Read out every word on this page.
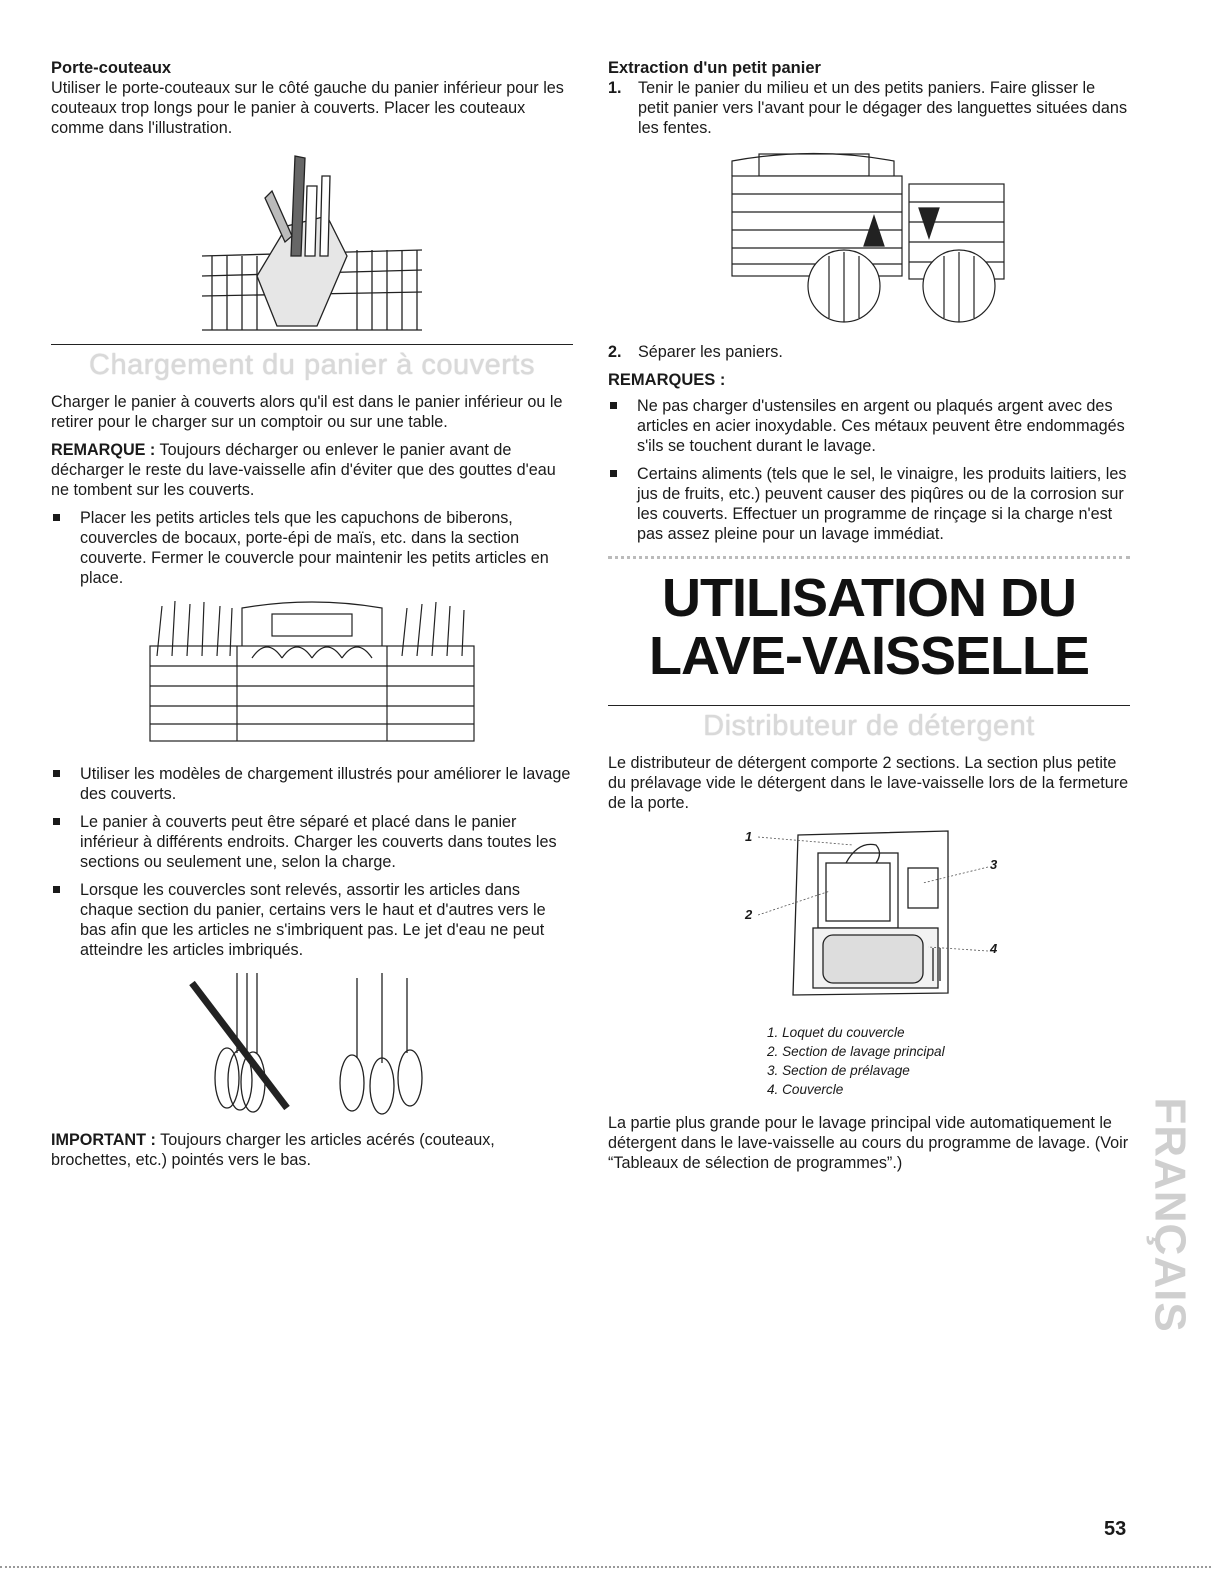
Porte-couteaux

Utiliser le porte-couteaux sur le côté gauche du panier inférieur pour les couteaux trop longs pour le panier à couverts. Placer les couteaux comme dans l'illustration.

Chargement du panier à couverts

Charger le panier à couverts alors qu'il est dans le panier inférieur ou le retirer pour le charger sur un comptoir ou sur une table.

REMARQUE : Toujours décharger ou enlever le panier avant de décharger le reste du lave-vaisselle afin d'éviter que des gouttes d'eau ne tombent sur les couverts.

Placer les petits articles tels que les capuchons de biberons, couvercles de bocaux, porte-épi de maïs, etc. dans la section couverte. Fermer le couvercle pour maintenir les petits articles en place.
Utiliser les modèles de chargement illustrés pour améliorer le lavage des couverts.
Le panier à couverts peut être séparé et placé dans le panier inférieur à différents endroits. Charger les couverts dans toutes les sections ou seulement une, selon la charge.
Lorsque les couvercles sont relevés, assortir les articles dans chaque section du panier, certains vers le haut et d'autres vers le bas afin que les articles ne s'imbriquent pas. Le jet d'eau ne peut atteindre les articles imbriqués.

IMPORTANT : Toujours charger les articles acérés (couteaux, brochettes, etc.) pointés vers le bas.

Extraction d'un petit panier

1. Tenir le panier du milieu et un des petits paniers. Faire glisser le petit panier vers l'avant pour le dégager des languettes situées dans les fentes.
2. Séparer les paniers.

REMARQUES :

Ne pas charger d'ustensiles en argent ou plaqués argent avec des articles en acier inoxydable. Ces métaux peuvent être endommagés s'ils se touchent durant le lavage.
Certains aliments (tels que le sel, le vinaigre, les produits laitiers, les jus de fruits, etc.) peuvent causer des piqûres ou de la corrosion sur les couverts. Effectuer un programme de rinçage si la charge n'est pas assez pleine pour un lavage immédiat.
UTILISATION DU
LAVE-VAISSELLE
Distributeur de détergent

Le distributeur de détergent comporte 2 sections. La section plus petite du prélavage vide le détergent dans le lave-vaisselle lors de la fermeture de la porte.

1
2
3
4
1. Loquet du couvercle
2. Section de lavage principal
3. Section de prélavage
4. Couvercle

La partie plus grande pour le lavage principal vide automatiquement le détergent dans le lave-vaisselle au cours du programme de lavage. (Voir “Tableaux de sélection de programmes”.)	FRANÇAIS
53
